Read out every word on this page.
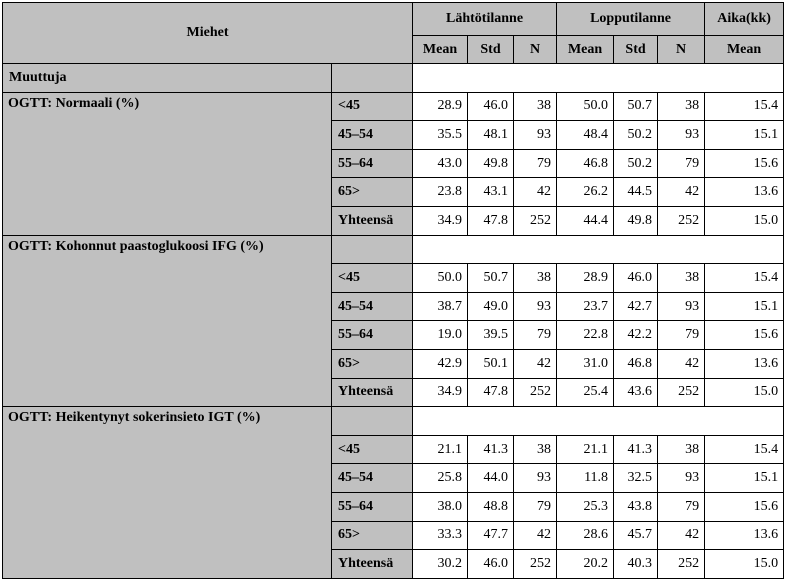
Miehet		Lähtötilanne			Lopputilanne			Aika(kk)
		Mean	Std	N	Mean	Std	N	Mean
Muuttuja								
OGTT: Normaali (%)	<45	28.9	46.0	38	50.0	50.7	38	15.4
	45–54	35.5	48.1	93	48.4	50.2	93	15.1
	55–64	43.0	49.8	79	46.8	50.2	79	15.6
	65>	23.8	43.1	42	26.2	44.5	42	13.6
	Yhteensä	34.9	47.8	252	44.4	49.8	252	15.0
OGTT: Kohonnut paastoglukoosi IFG (%)								
	<45	50.0	50.7	38	28.9	46.0	38	15.4
	45–54	38.7	49.0	93	23.7	42.7	93	15.1
	55–64	19.0	39.5	79	22.8	42.2	79	15.6
	65>	42.9	50.1	42	31.0	46.8	42	13.6
	Yhteensä	34.9	47.8	252	25.4	43.6	252	15.0
OGTT: Heikentynyt sokerinsieto IGT (%)								
	<45	21.1	41.3	38	21.1	41.3	38	15.4
	45–54	25.8	44.0	93	11.8	32.5	93	15.1
	55–64	38.0	48.8	79	25.3	43.8	79	15.6
	65>	33.3	47.7	42	28.6	45.7	42	13.6
	Yhteensä	30.2	46.0	252	20.2	40.3	252	15.0
